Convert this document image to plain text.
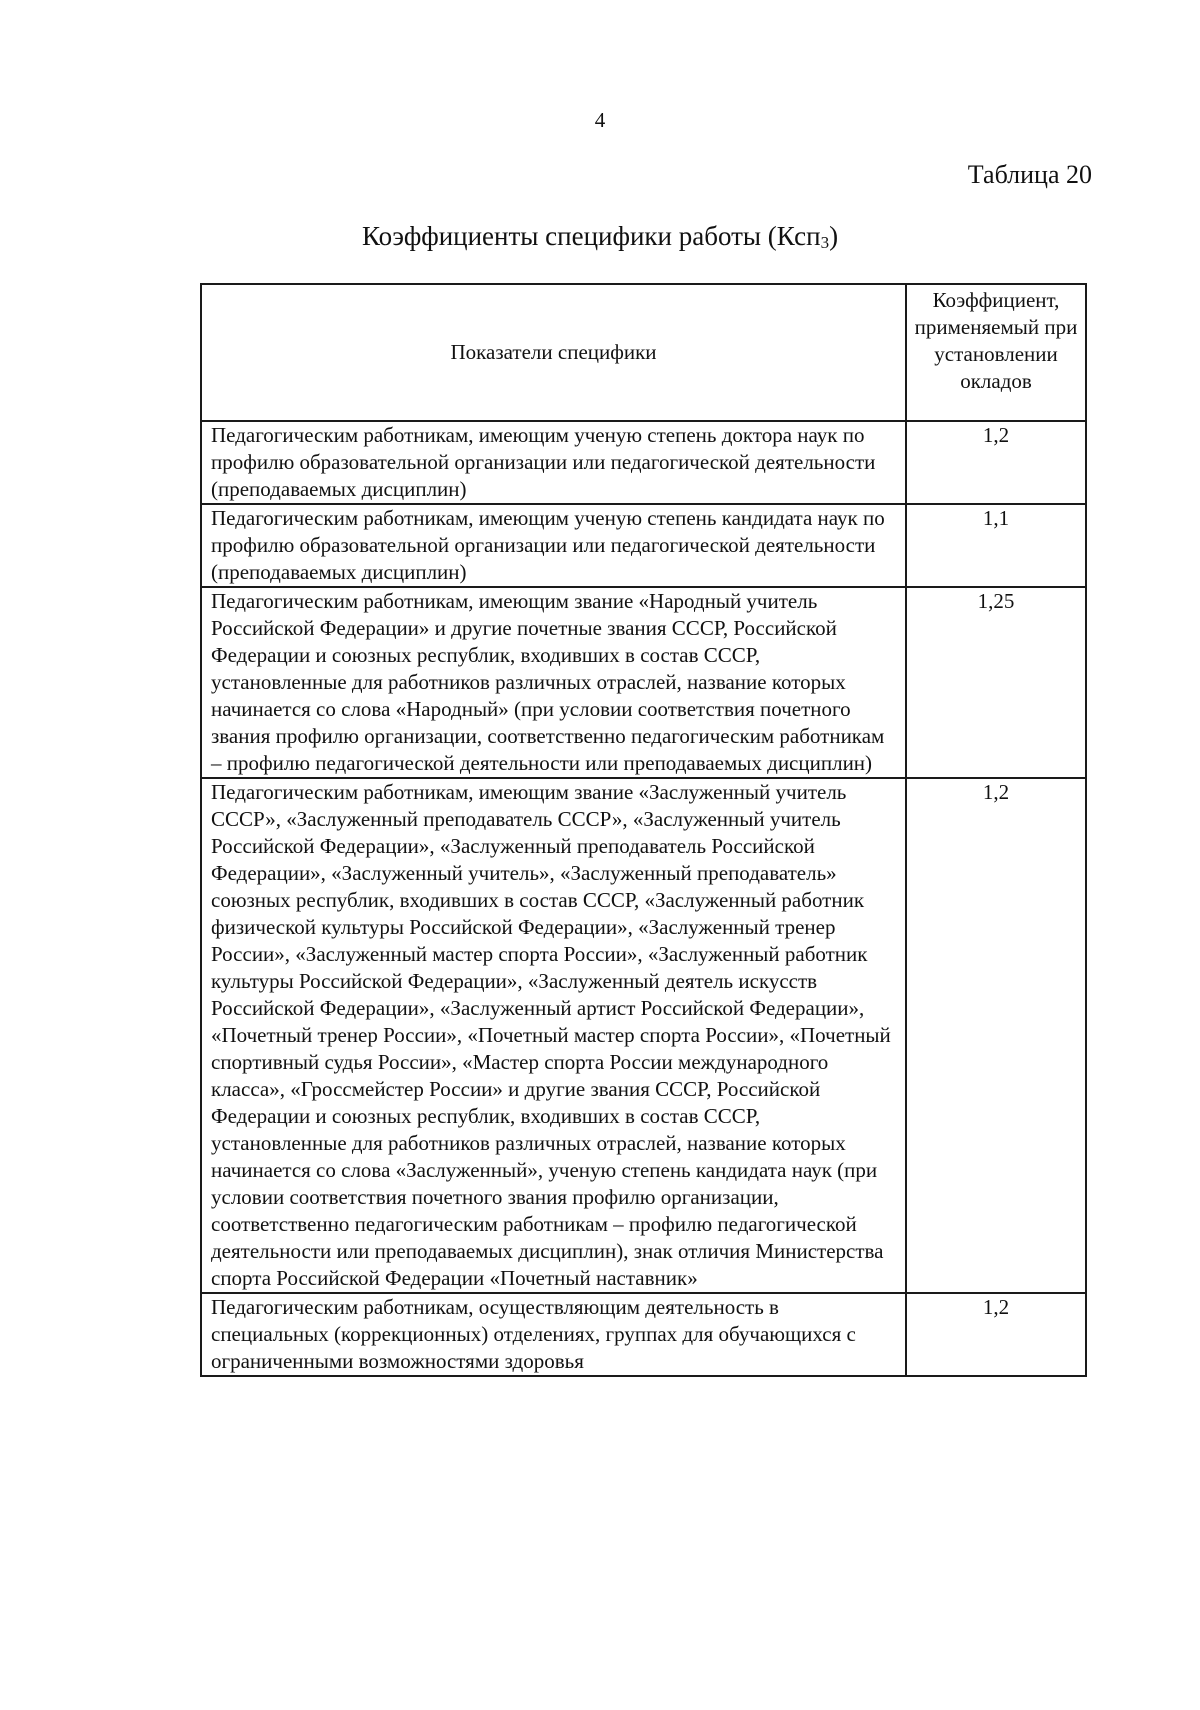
4
Таблица 20
Коэффициенты специфики работы (Ксп3)
Показатели специфики	Коэффициент, применяемый при установлении окладов
Педагогическим работникам, имеющим ученую степень доктора наук по профилю образовательной организации или педагогической деятельности (преподаваемых дисциплин)	1,2
Педагогическим работникам, имеющим ученую степень кандидата наук по профилю образовательной организации или педагогической деятельности (преподаваемых дисциплин)	1,1
Педагогическим работникам, имеющим звание «Народный учитель Российской Федерации» и другие почетные звания СССР, Российской Федерации и союзных республик, входивших в состав СССР, установленные для работников различных отраслей, название которых начинается со слова «Народный» (при условии соответствия почетного звания профилю организации, соответственно педагогическим работникам – профилю педагогической деятельности или преподаваемых дисциплин)	1,25
Педагогическим работникам, имеющим звание «Заслуженный учитель СССР», «Заслуженный преподаватель СССР», «Заслуженный учитель Российской Федерации», «Заслуженный преподаватель Российской Федерации», «Заслуженный учитель», «Заслуженный преподаватель» союзных республик, входивших в состав СССР, «Заслуженный работник физической культуры Российской Федерации», «Заслуженный тренер России», «Заслуженный мастер спорта России», «Заслуженный работник культуры Российской Федерации», «Заслуженный деятель искусств Российской Федерации», «Заслуженный артист Российской Федерации», «Почетный тренер России», «Почетный мастер спорта России», «Почетный спортивный судья России», «Мастер спорта России международного класса», «Гроссмейстер России» и другие звания СССР, Российской Федерации и союзных республик, входивших в состав СССР, установленные для работников различных отраслей, название которых начинается со слова «Заслуженный», ученую степень кандидата наук (при условии соответствия почетного звания профилю организации, соответственно педагогическим работникам – профилю педагогической деятельности или преподаваемых дисциплин), знак отличия Министерства спорта Российской Федерации «Почетный наставник»	1,2
Педагогическим работникам, осуществляющим деятельность в специальных (коррекционных) отделениях, группах для обучающихся с ограниченными возможностями здоровья	1,2
